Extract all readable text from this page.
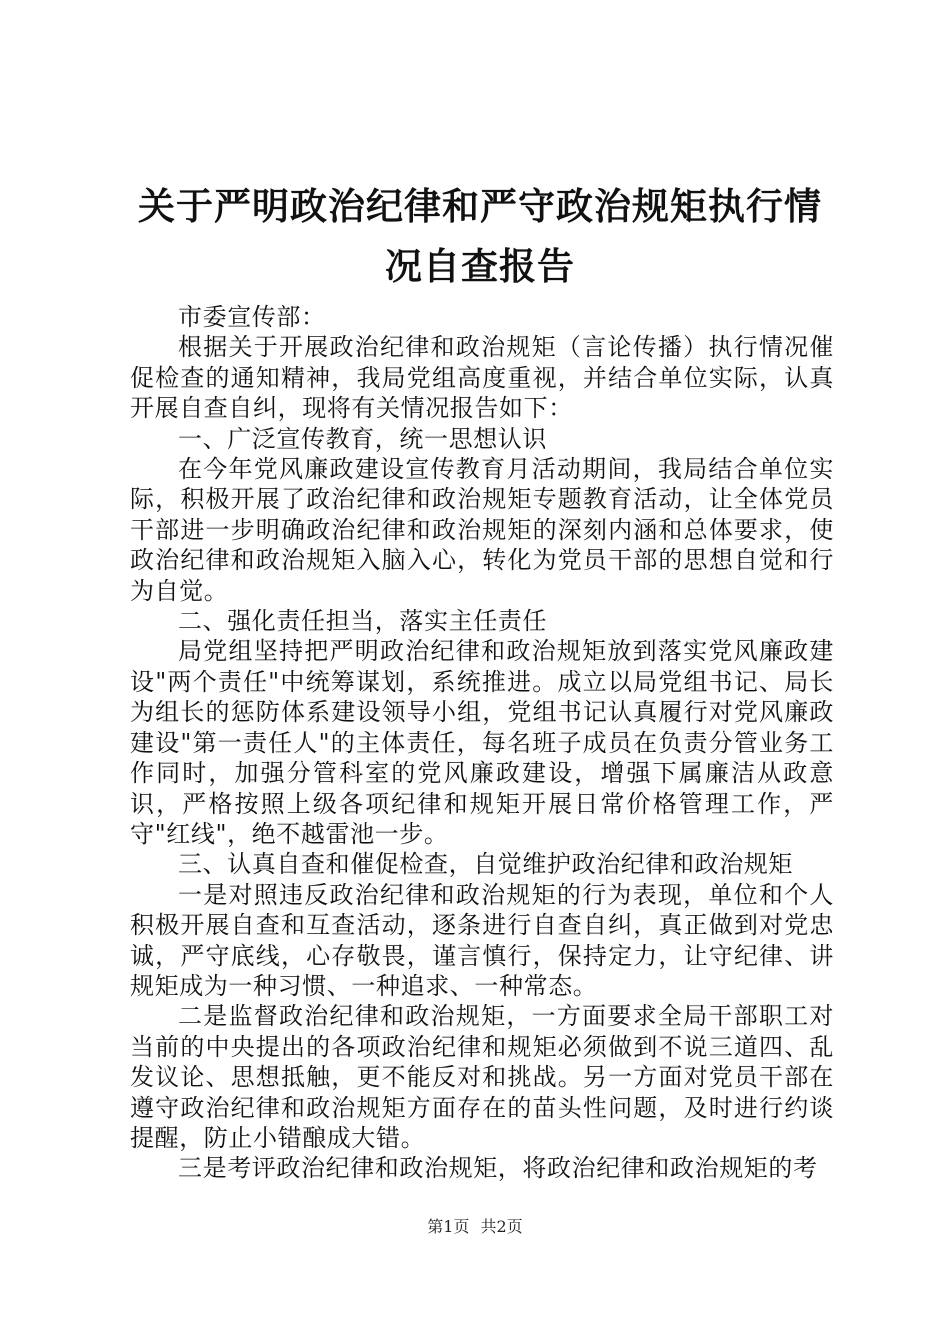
关于严明政治纪律和严守政治规矩执行情况自查报告

市委宣传部：

根据关于开展政治纪律和政治规矩（言论传播）执行情况催促检查的通知精神，我局党组高度重视，并结合单位实际，认真开展自查自纠，现将有关情况报告如下：

一、广泛宣传教育，统一思想认识

在今年党风廉政建设宣传教育月活动期间，我局结合单位实际，积极开展了政治纪律和政治规矩专题教育活动，让全体党员干部进一步明确政治纪律和政治规矩的深刻内涵和总体要求，使政治纪律和政治规矩入脑入心，转化为党员干部的思想自觉和行为自觉。

二、强化责任担当，落实主任责任

局党组坚持把严明政治纪律和政治规矩放到落实党风廉政建设"两个责任"中统筹谋划，系统推进。成立以局党组书记、局长为组长的惩防体系建设领导小组，党组书记认真履行对党风廉政建设"第一责任人"的主体责任，每名班子成员在负责分管业务工作同时，加强分管科室的党风廉政建设，增强下属廉洁从政意识，严格按照上级各项纪律和规矩开展日常价格管理工作，严守"红线"，绝不越雷池一步。

三、认真自查和催促检查，自觉维护政治纪律和政治规矩

一是对照违反政治纪律和政治规矩的行为表现，单位和个人积极开展自查和互查活动，逐条进行自查自纠，真正做到对党忠诚，严守底线，心存敬畏，谨言慎行，保持定力，让守纪律、讲规矩成为一种习惯、一种追求、一种常态。

二是监督政治纪律和政治规矩，一方面要求全局干部职工对当前的中央提出的各项政治纪律和规矩必须做到不说三道四、乱发议论、思想抵触，更不能反对和挑战。另一方面对党员干部在遵守政治纪律和政治规矩方面存在的苗头性问题，及时进行约谈提醒，防止小错酿成大错。

三是考评政治纪律和政治规矩，将政治纪律和政治规矩的考

第1页 共2页
